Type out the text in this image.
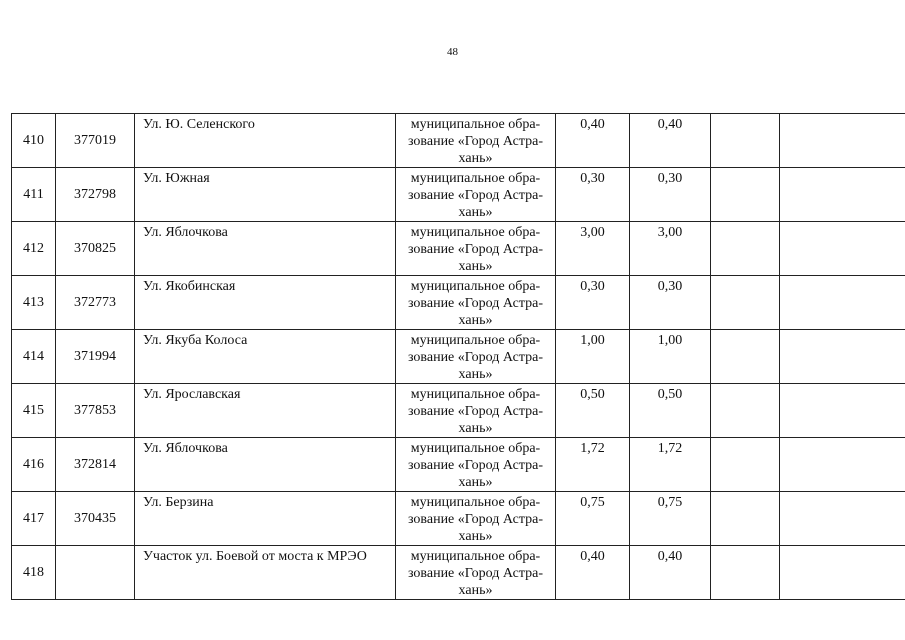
48
410	377019	Ул. Ю. Селенского	муниципальное обра-
зование «Город Астра-
хань»	0,40	0,40		
411	372798	Ул. Южная	муниципальное обра-
зование «Город Астра-
хань»	0,30	0,30		
412	370825	Ул. Яблочкова	муниципальное обра-
зование «Город Астра-
хань»	3,00	3,00		
413	372773	Ул. Якобинская	муниципальное обра-
зование «Город Астра-
хань»	0,30	0,30		
414	371994	Ул. Якуба Колоса	муниципальное обра-
зование «Город Астра-
хань»	1,00	1,00		
415	377853	Ул. Ярославская	муниципальное обра-
зование «Город Астра-
хань»	0,50	0,50		
416	372814	Ул. Яблочкова	муниципальное обра-
зование «Город Астра-
хань»	1,72	1,72		
417	370435	Ул. Берзина	муниципальное обра-
зование «Город Астра-
хань»	0,75	0,75		
418		Участок ул. Боевой от моста к МРЭО	муниципальное обра-
зование «Город Астра-
хань»	0,40	0,40		
